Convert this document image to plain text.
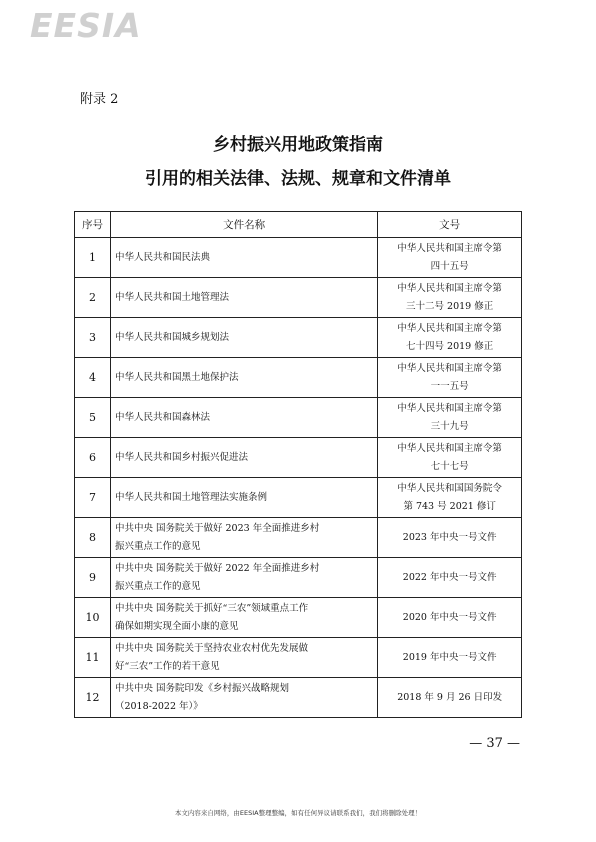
EESIA
附录 2
乡村振兴用地政策指南
引用的相关法律、法规、规章和文件清单
序号	文件名称	文号
1	中华人民共和国民法典	中华人民共和国主席令第
四十五号
2	中华人民共和国土地管理法	中华人民共和国主席令第
三十二号 2019 修正
3	中华人民共和国城乡规划法	中华人民共和国主席令第
七十四号 2019 修正
4	中华人民共和国黑土地保护法	中华人民共和国主席令第
一一五号
5	中华人民共和国森林法	中华人民共和国主席令第
三十九号
6	中华人民共和国乡村振兴促进法	中华人民共和国主席令第
七十七号
7	中华人民共和国土地管理法实施条例	中华人民共和国国务院令
第 743 号 2021 修订
8	中共中央 国务院关于做好 2023 年全面推进乡村
振兴重点工作的意见	2023 年中央一号文件
9	中共中央 国务院关于做好 2022 年全面推进乡村
振兴重点工作的意见	2022 年中央一号文件
10	中共中央 国务院关于抓好“三农”领域重点工作
确保如期实现全面小康的意见	2020 年中央一号文件
11	中共中央 国务院关于坚持农业农村优先发展做
好“三农”工作的若干意见	2019 年中央一号文件
12	中共中央 国务院印发《乡村振兴战略规划
（2018-2022 年）》	2018 年 9 月 26 日印发
— 37 —
本文内容来自网络，由EESIA整理整编，如有任何异议请联系我们，我们将删除处理！
